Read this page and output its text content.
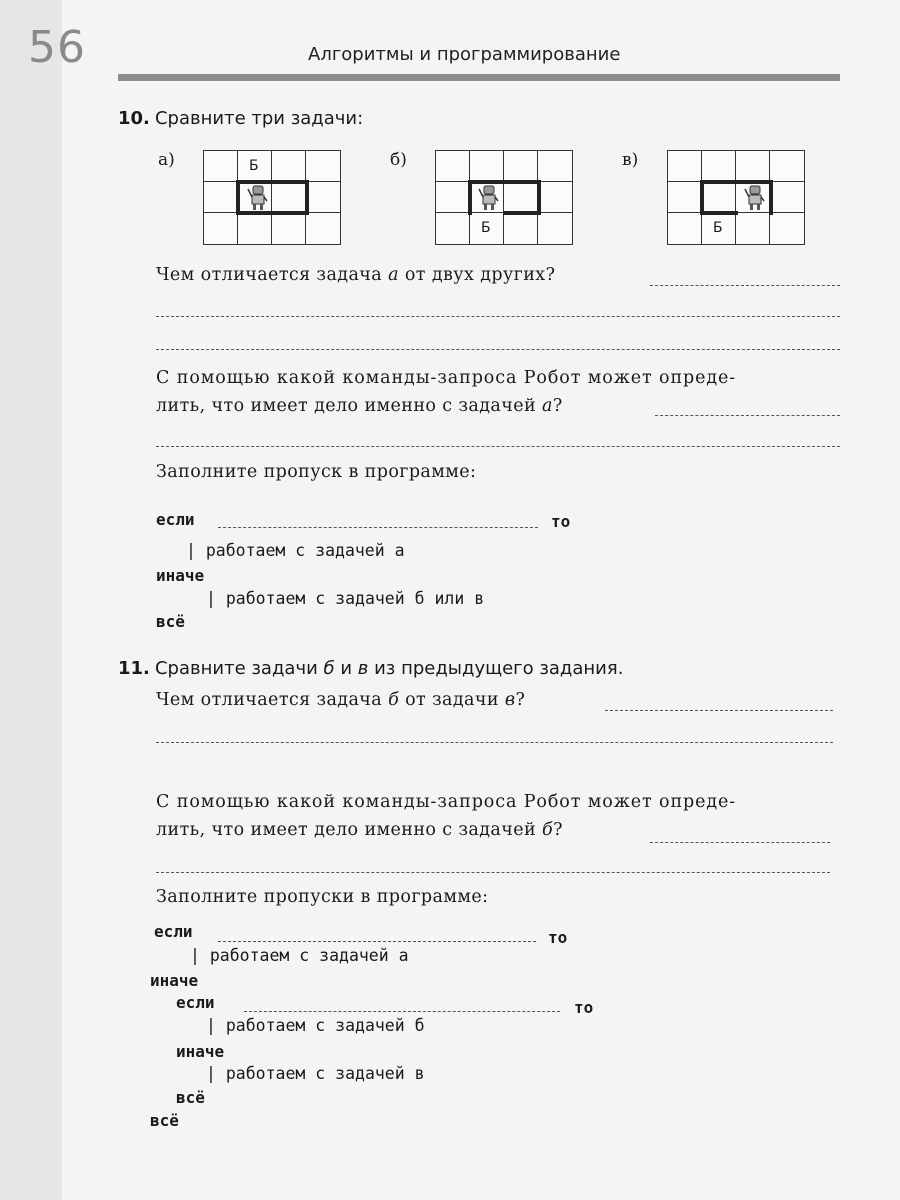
56	Алгоритмы и программирование
10. Сравните три задачи:
а)	Б	б)
Б
в)
Б
Чем отличается задача а от двух других?
С помощью какой команды-запроса Робот может опреде-
лить, что имеет дело именно с задачей а?
Заполните пропуск в программе:
если	то
| работаем с задачей а
иначе
| работаем с задачей б или в
всё
11. Сравните задачи б и в из предыдущего задания.
Чем отличается задача б от задачи в?
С помощью какой команды-запроса Робот может опреде-
лить, что имеет дело именно с задачей б?
Заполните пропуски в программе:
если	то
| работаем с задачей а
иначе
если	то
| работаем с задачей б
иначе
| работаем с задачей в
всё
всё
